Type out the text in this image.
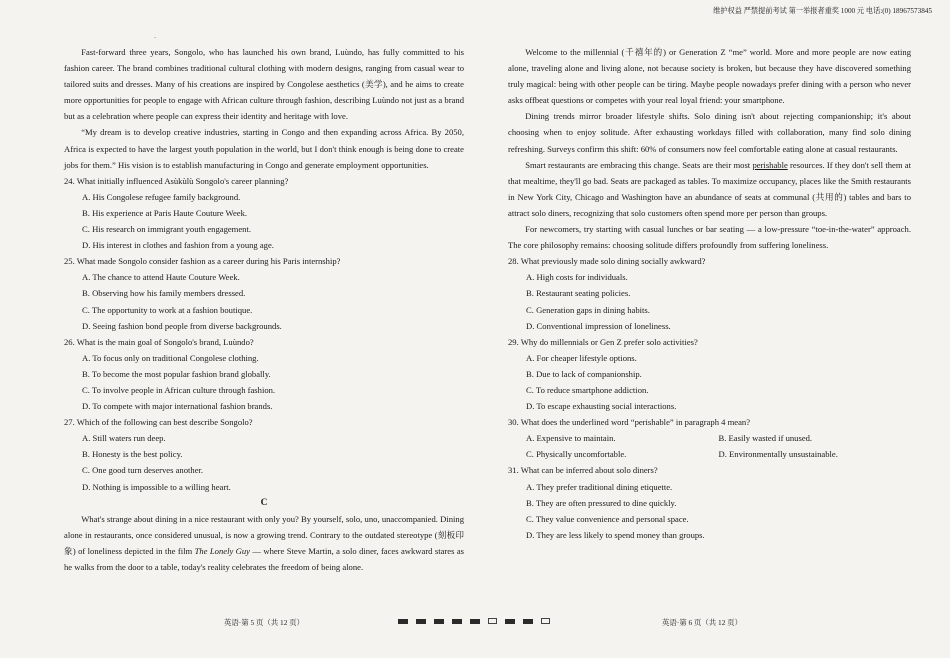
维护权益 严禁提前考试 第一举报者重奖 1000 元 电话:(0) 18967573845
ˋ

Fast-forward three years, Songolo, who has launched his own brand, Luùndo, has fully committed to his fashion career. The brand combines traditional cultural clothing with modern designs, ranging from casual wear to tailored suits and dresses. Many of his creations are inspired by Congolese aesthetics (美学), and he aims to create more opportunities for people to engage with African culture through fashion, describing Luùndo not just as a brand but as a celebration where people can express their identity and heritage with love.

“My dream is to develop creative industries, starting in Congo and then expanding across Africa. By 2050, Africa is expected to have the largest youth population in the world, but I don't think enough is being done to create jobs for them.” His vision is to establish manufacturing in Congo and generate employment opportunities.

24. What initially influenced Asùkùlù Songolo's career planning?

A. His Congolese refugee family background.

B. His experience at Paris Haute Couture Week.

C. His research on immigrant youth engagement.

D. His interest in clothes and fashion from a young age.

25. What made Songolo consider fashion as a career during his Paris internship?

A. The chance to attend Haute Couture Week.

B. Observing how his family members dressed.

C. The opportunity to work at a fashion boutique.

D. Seeing fashion bond people from diverse backgrounds.

26. What is the main goal of Songolo's brand, Luùndo?

A. To focus only on traditional Congolese clothing.

B. To become the most popular fashion brand globally.

C. To involve people in African culture through fashion.

D. To compete with major international fashion brands.

27. Which of the following can best describe Songolo?

A. Still waters run deep.

B. Honesty is the best policy.

C. One good turn deserves another.

D. Nothing is impossible to a willing heart.

C

What's strange about dining in a nice restaurant with only you? By yourself, solo, uno, unaccompanied. Dining alone in restaurants, once considered unusual, is now a growing trend. Contrary to the outdated stereotype (刻板印象) of loneliness depicted in the film The Lonely Guy — where Steve Martin, a solo diner, faces awkward stares as he walks from the door to a table, today's reality celebrates the freedom of being alone.

Welcome to the millennial (千禧年的) or Generation Z “me” world. More and more people are now eating alone, traveling alone and living alone, not because society is broken, but because they have discovered something truly magical: being with other people can be tiring. Maybe people nowadays prefer dining with a person who never asks offbeat questions or competes with your real loyal friend: your smartphone.

Dining trends mirror broader lifestyle shifts. Solo dining isn't about rejecting companionship; it's about choosing when to enjoy solitude. After exhausting workdays filled with collaboration, many find solo dining refreshing. Surveys confirm this shift: 60% of consumers now feel comfortable eating alone at casual restaurants.

Smart restaurants are embracing this change. Seats are their most perishable resources. If they don't sell them at that mealtime, they'll go bad. Seats are packaged as tables. To maximize occupancy, places like the Smith restaurants in New York City, Chicago and Washington have an abundance of seats at communal (共用的) tables and bars to attract solo diners, recognizing that solo customers often spend more per person than groups.

For newcomers, try starting with casual lunches or bar seating — a low-pressure “toe-in-the-water” approach. The core philosophy remains: choosing solitude differs profoundly from suffering loneliness.

28. What previously made solo dining socially awkward?

A. High costs for individuals.

B. Restaurant seating policies.

C. Generation gaps in dining habits.

D. Conventional impression of loneliness.

29. Why do millennials or Gen Z prefer solo activities?

A. For cheaper lifestyle options.

B. Due to lack of companionship.

C. To reduce smartphone addiction.

D. To escape exhausting social interactions.

30. What does the underlined word “perishable” in paragraph 4 mean?

A. Expensive to maintain.	B. Easily wasted if unused.

C. Physically uncomfortable.	D. Environmentally unsustainable.

31. What can be inferred about solo diners?

A. They prefer traditional dining etiquette.

B. They are often pressured to dine quickly.

C. They value convenience and personal space.

D. They are less likely to spend money than groups.

英语·第 5 页（共 12 页）	英语·第 6 页（共 12 页）
